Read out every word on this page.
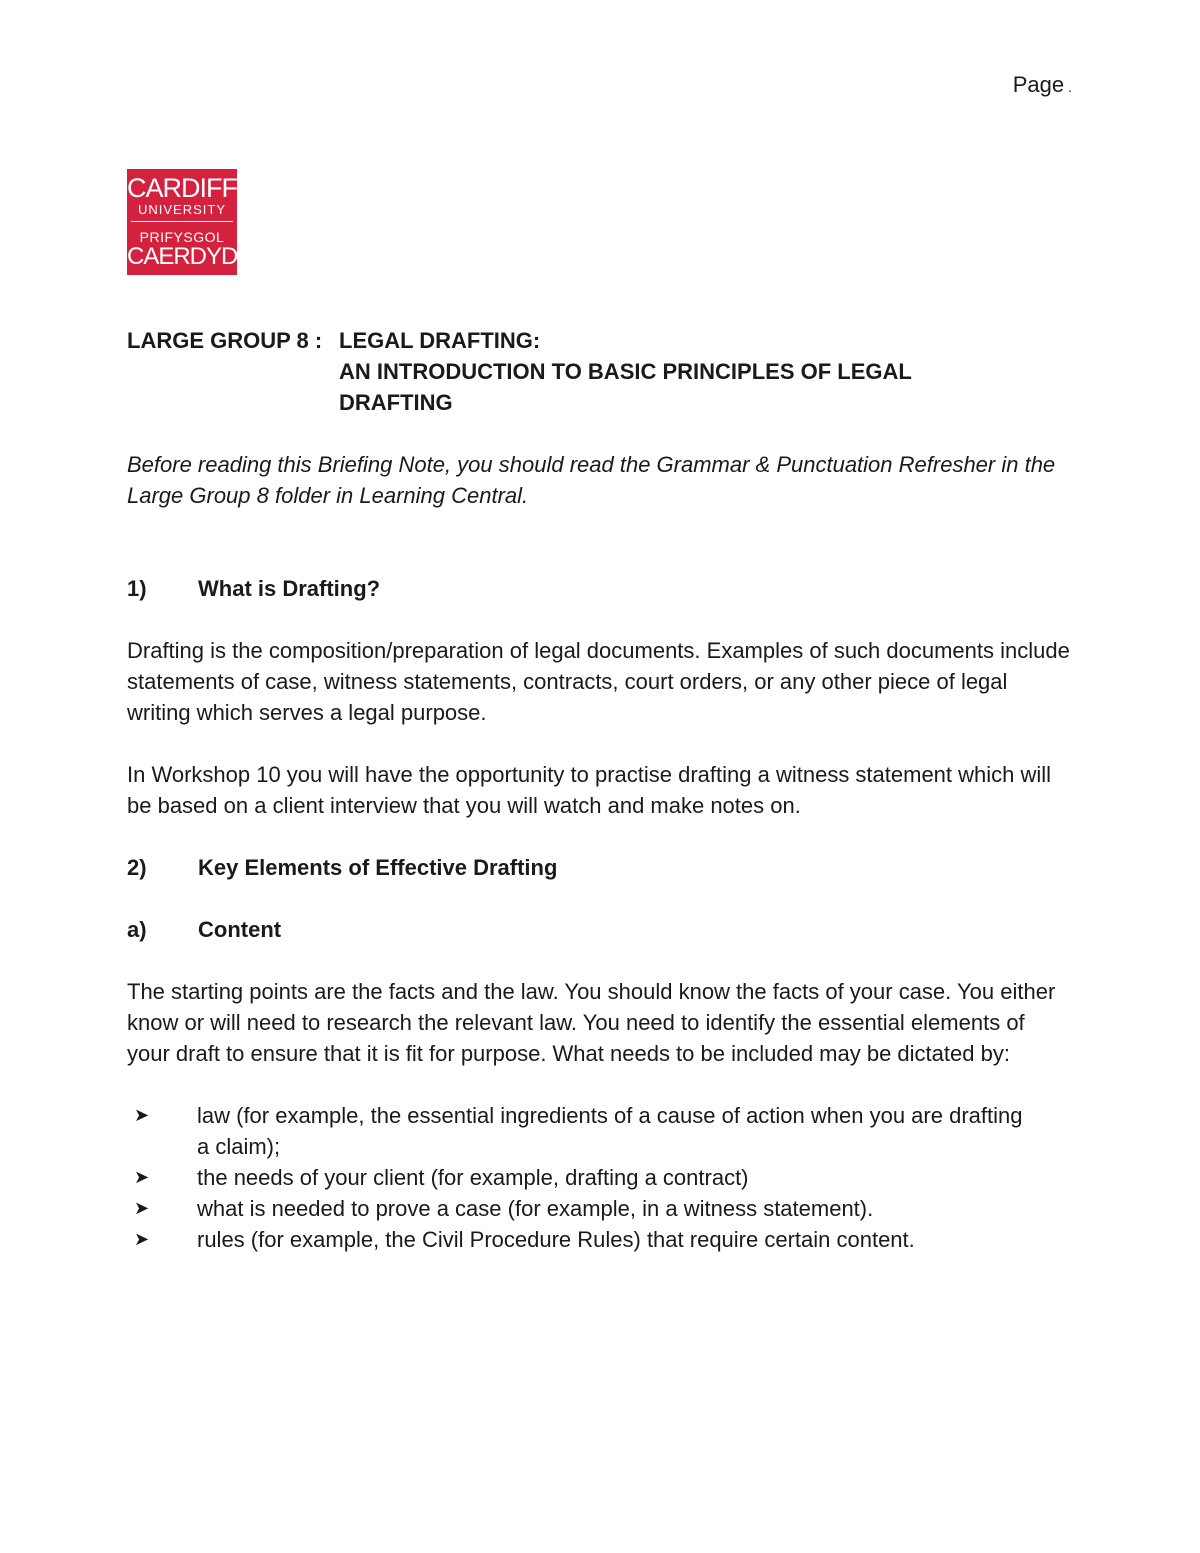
Page .
CARDIFF
UNIVERSITY
PRIFYSGOL
CAERDYDD
LARGE GROUP 8 : LEGAL DRAFTING:
AN INTRODUCTION TO BASIC PRINCIPLES OF LEGAL DRAFTING

Before reading this Briefing Note, you should read the Grammar & Punctuation Refresher in the Large Group 8 folder in Learning Central.

1)	What is Drafting?

Drafting is the composition/preparation of legal documents. Examples of such documents include statements of case, witness statements, contracts, court orders, or any other piece of legal writing which serves a legal purpose.

In Workshop 10 you will have the opportunity to practise drafting a witness statement which will be based on a client interview that you will watch and make notes on.

2)	Key Elements of Effective Drafting
a)	Content

The starting points are the facts and the law. You should know the facts of your case. You either know or will need to research the relevant law. You need to identify the essential elements of your draft to ensure that it is fit for purpose. What needs to be included may be dictated by:

➤	law (for example, the essential ingredients of a cause of action when you are drafting a claim);
➤	the needs of your client (for example, drafting a contract)
➤	what is needed to prove a case (for example, in a witness statement).
➤	rules (for example, the Civil Procedure Rules) that require certain content.
